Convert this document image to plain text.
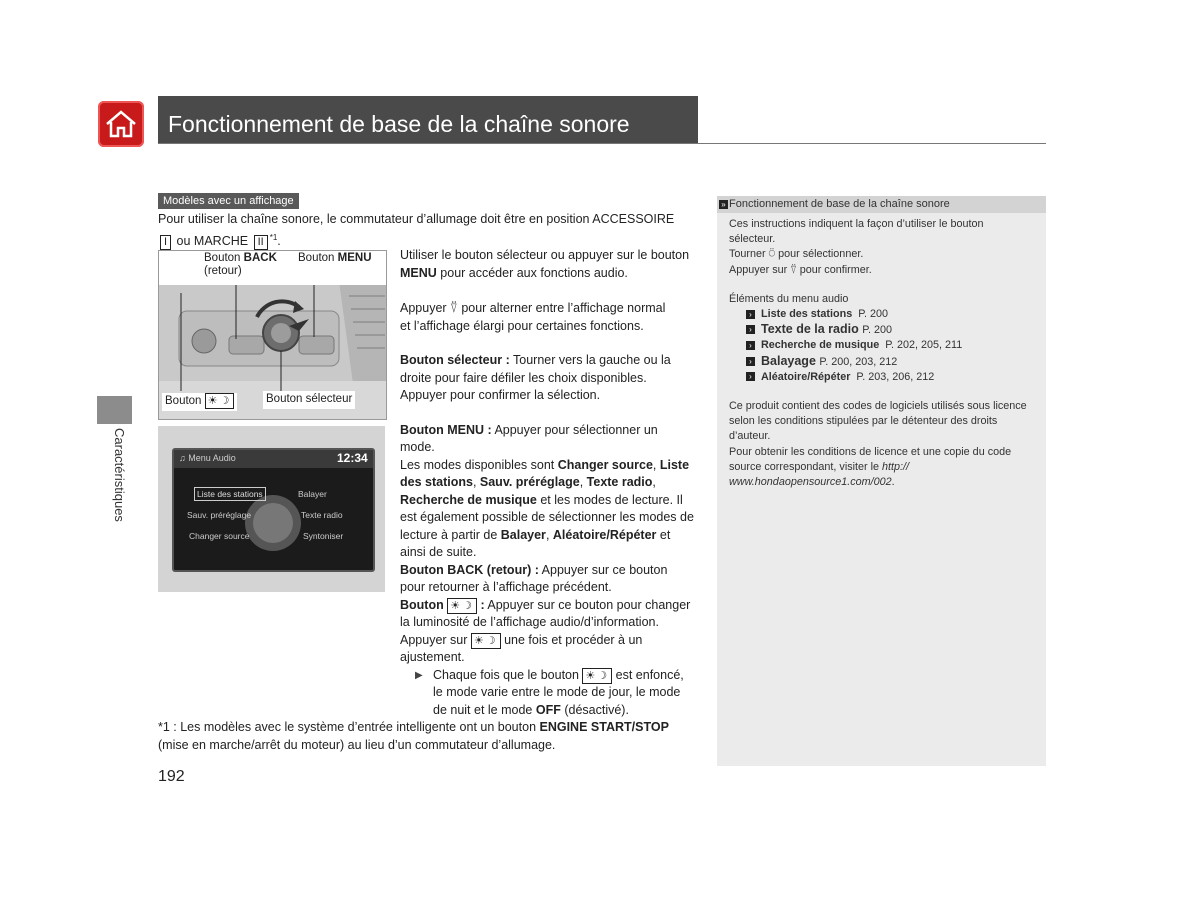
Fonctionnement de base de la chaîne sonore
Caractéristiques
Modèles avec un affichage
Pour utiliser la chaîne sonore, le commutateur d’allumage doit être en position ACCESSOIRE
I ou MARCHE II $^{*1}$.
Bouton BACK
(retour)
Bouton MENU
Bouton ☀☽	Bouton sélecteur
♫ Menu Audio	12:34
Liste des stations
Sauv. préréglage
Changer source
Balayer
Texte radio
Syntoniser
Utiliser le bouton sélecteur ou appuyer sur le bouton
MENU pour accéder aux fonctions audio.
Appuyer ⍢ pour alterner entre l’affichage normal
et l’affichage élargi pour certaines fonctions.
Bouton sélecteur : Tourner vers la gauche ou la
droite pour faire défiler les choix disponibles.
Appuyer pour confirmer la sélection.
Bouton MENU : Appuyer pour sélectionner un
mode.
Les modes disponibles sont Changer source, Liste
des stations, Sauv. préréglage, Texte radio,
Recherche de musique et les modes de lecture. Il
est également possible de sélectionner les modes de
lecture à partir de Balayer, Aléatoire/Répéter et
ainsi de suite.
Bouton BACK (retour) : Appuyer sur ce bouton
pour retourner à l’affichage précédent.
Bouton ☀☽ : Appuyer sur ce bouton pour changer
la luminosité de l’affichage audio/d’information.
Appuyer sur ☀☽ une fois et procéder à un
ajustement.
▶ Chaque fois que le bouton ☀☽ est enfoncé,
le mode varie entre le mode de jour, le mode
de nuit et le mode OFF (désactivé).
*1 : Les modèles avec le système d’entrée intelligente ont un bouton ENGINE START/STOP
(mise en marche/arrêt du moteur) au lieu d’un commutateur d’allumage.
» Fonctionnement de base de la chaîne sonore
Ces instructions indiquent la façon d’utiliser le bouton
sélecteur.
Tourner ⍥ pour sélectionner.
Appuyer sur ⍢ pour confirmer.
Éléments du menu audio
› Liste des stations P. 200
› Texte de la radio P. 200
› Recherche de musique P. 202, 205, 211
› Balayage P. 200, 203, 212
› Aléatoire/Répéter P. 203, 206, 212
Ce produit contient des codes de logiciels utilisés sous licence
selon les conditions stipulées par le détenteur des droits
d’auteur.
Pour obtenir les conditions de licence et une copie du code
source correspondant, visiter le http://
www.hondaopensource1.com/002.
192
